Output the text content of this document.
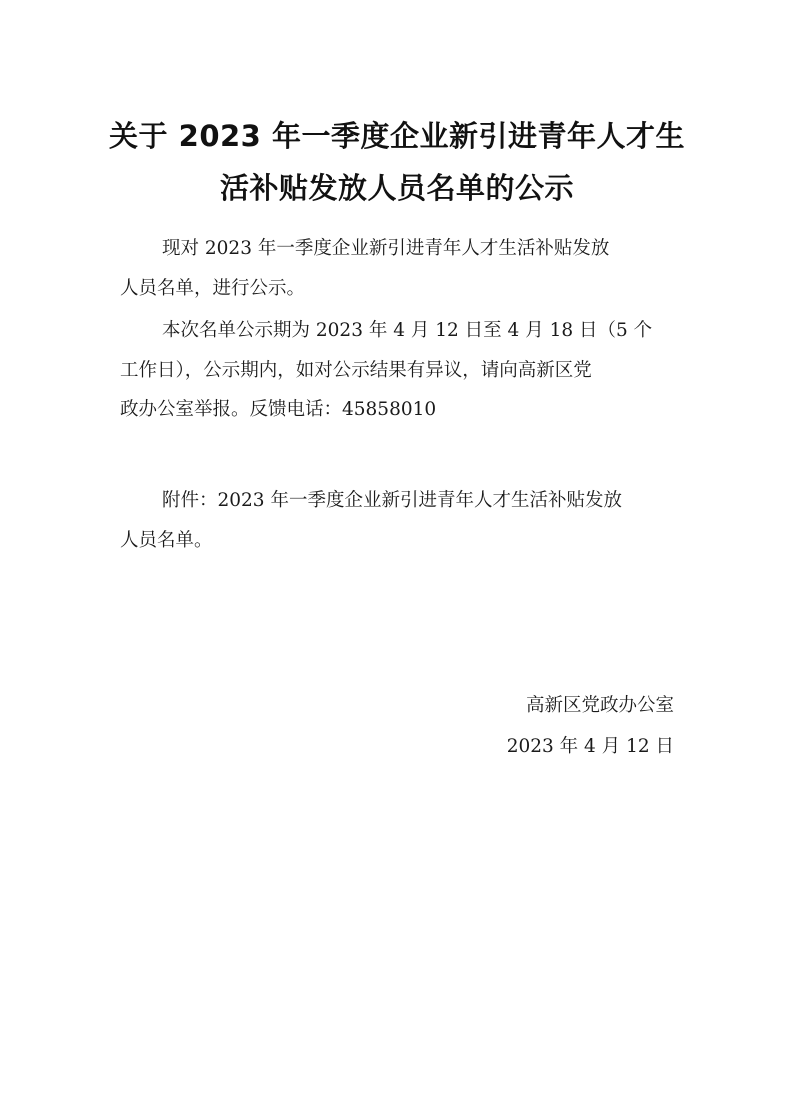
关于 2023 年一季度企业新引进青年人才生
活补贴发放人员名单的公示
现对 2023 年一季度企业新引进青年人才生活补贴发放
人员名单，进行公示。
本次名单公示期为 2023 年 4 月 12 日至 4 月 18 日（5 个
工作日），公示期内，如对公示结果有异议，请向高新区党
政办公室举报。反馈电话：45858010
附件：2023 年一季度企业新引进青年人才生活补贴发放
人员名单。
高新区党政办公室
2023 年 4 月 12 日
